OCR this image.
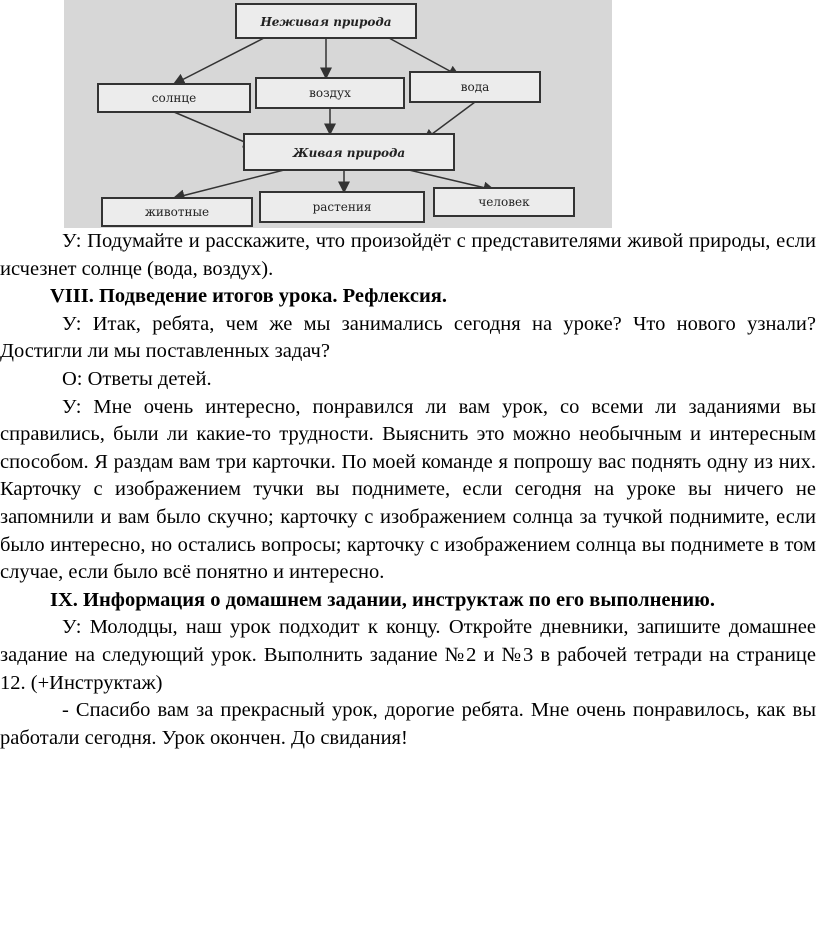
Неживая природа
солнце	воздух	вода
Живая природа
животные	растения	человек

У: Подумайте и расскажите, что произойдёт с представителями живой природы, если исчезнет солнце (вода, воздух).

VIII. Подведение итогов урока. Рефлексия.

У: Итак, ребята, чем же мы занимались сегодня на уроке? Что нового узнали? Достигли ли мы поставленных задач?

О: Ответы детей.

У: Мне очень интересно, понравился ли вам урок, со всеми ли заданиями вы справились, были ли какие-то трудности. Выяснить это можно необычным и интересным способом. Я раздам вам три карточки. По моей команде я попрошу вас поднять одну из них. Карточку с изображением тучки вы поднимете, если сегодня на уроке вы ничего не запомнили и вам было скучно; карточку с изображением солнца за тучкой поднимите, если было интересно, но остались вопросы; карточку с изображением солнца вы поднимете в том случае, если было всё понятно и интересно.

IX. Информация о домашнем задании, инструктаж по его выполнению.

У: Молодцы, наш урок подходит к концу. Откройте дневники, запишите домашнее задание на следующий урок. Выполнить задание №2 и №3 в рабочей тетради на странице 12. (+Инструктаж)

- Спасибо вам за прекрасный урок, дорогие ребята. Мне очень понравилось, как вы работали сегодня. Урок окончен. До свидания!
